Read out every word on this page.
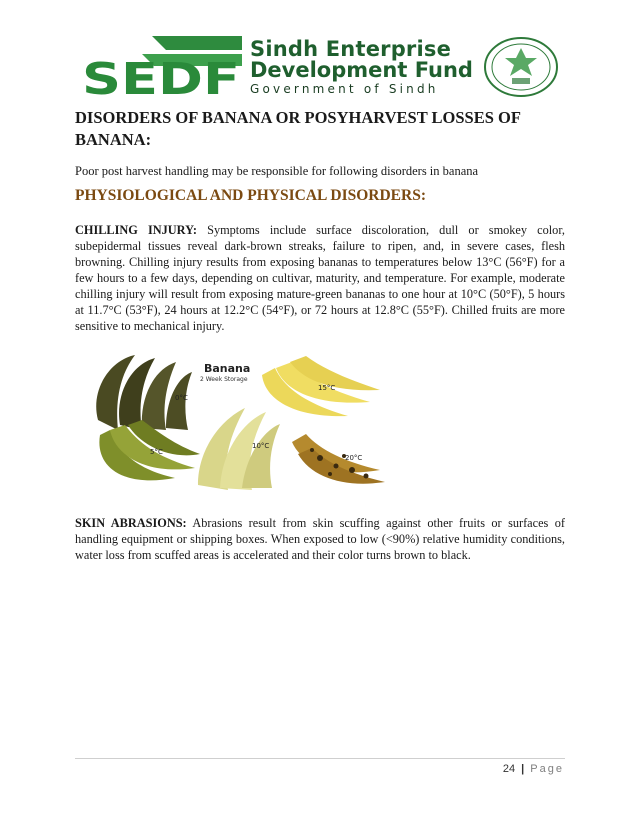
SEDF
Sindh Enterprise
Development Fund
Government of Sindh
DISORDERS OF BANANA OR POSYHARVEST LOSSES OF BANANA:
Poor post harvest handling may be responsible for following disorders in banana
PHYSIOLOGICAL AND PHYSICAL DISORDERS:
CHILLING INJURY: Symptoms include surface discoloration, dull or smokey color, subepidermal tissues reveal dark-brown streaks, failure to ripen, and, in severe cases, flesh browning. Chilling injury results from exposing bananas to temperatures below 13°C (56°F) for a few hours to a few days, depending on cultivar, maturity, and temperature. For example, moderate chilling injury will result from exposing mature-green bananas to one hour at 10°C (50°F), 5 hours at 11.7°C (53°F), 24 hours at 12.2°C (54°F), or 72 hours at 12.8°C (55°F). Chilled fruits are more sensitive to mechanical injury.
Banana
2 Week Storage
0°C
5°C
10°C
15°C
20°C
SKIN ABRASIONS: Abrasions result from skin scuffing against other fruits or surfaces of handling equipment or shipping boxes. When exposed to low (<90%) relative humidity conditions, water loss from scuffed areas is accelerated and their color turns brown to black.
24 | Page
